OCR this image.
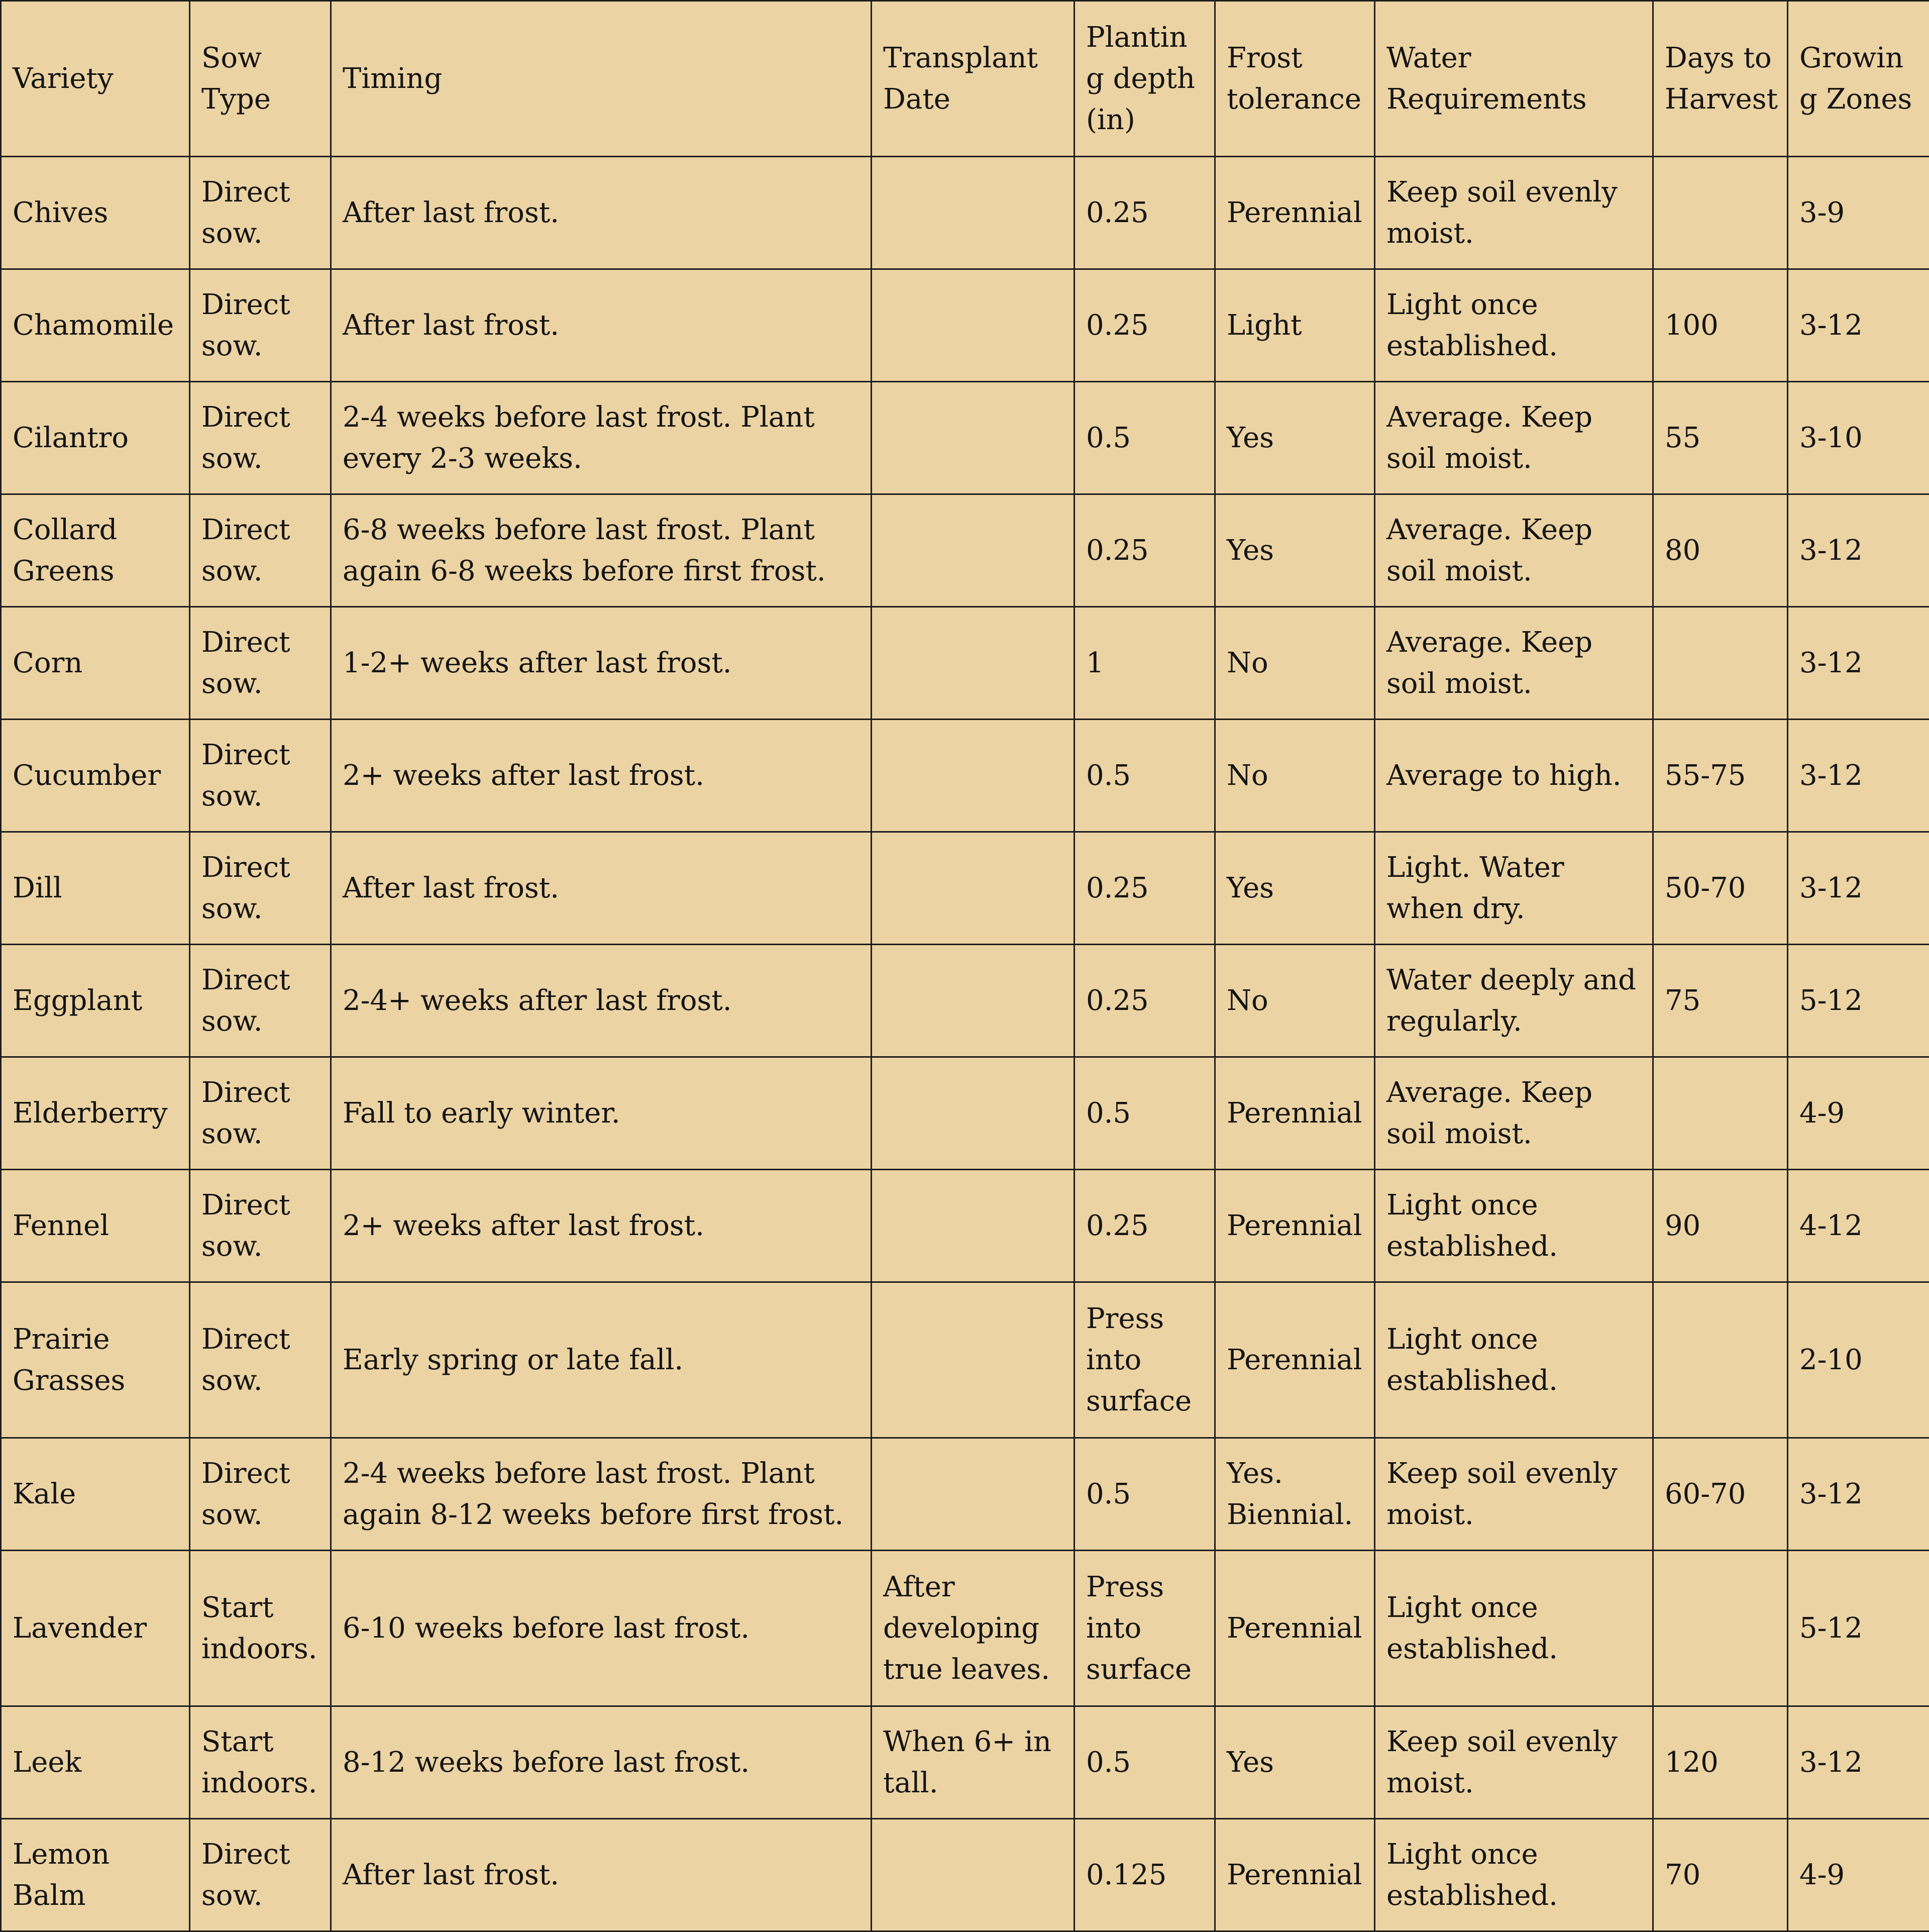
Variety	Sow Type	Timing	Transplant Date	Planting depth (in)	Frost tolerance	Water Requirements	Days to Harvest	Growing Zones
Chives	Direct sow.	After last frost.		0.25	Perennial	Keep soil evenly moist.		3-9
Chamomile	Direct sow.	After last frost.		0.25	Light	Light once established.	100	3-12
Cilantro	Direct sow.	2-4 weeks before last frost. Plant every 2-3 weeks.		0.5	Yes	Average. Keep soil moist.	55	3-10
Collard Greens	Direct sow.	6-8 weeks before last frost. Plant again 6-8 weeks before first frost.		0.25	Yes	Average. Keep soil moist.	80	3-12
Corn	Direct sow.	1-2+ weeks after last frost.		1	No	Average. Keep soil moist.		3-12
Cucumber	Direct sow.	2+ weeks after last frost.		0.5	No	Average to high.	55-75	3-12
Dill	Direct sow.	After last frost.		0.25	Yes	Light. Water when dry.	50-70	3-12
Eggplant	Direct sow.	2-4+ weeks after last frost.		0.25	No	Water deeply and regularly.	75	5-12
Elderberry	Direct sow.	Fall to early winter.		0.5	Perennial	Average. Keep soil moist.		4-9
Fennel	Direct sow.	2+ weeks after last frost.		0.25	Perennial	Light once established.	90	4-12
Prairie Grasses	Direct sow.	Early spring or late fall.		Press into surface	Perennial	Light once established.		2-10
Kale	Direct sow.	2-4 weeks before last frost. Plant again 8-12 weeks before first frost.		0.5	Yes. Biennial.	Keep soil evenly moist.	60-70	3-12
Lavender	Start indoors.	6-10 weeks before last frost.	After developing true leaves.	Press into surface	Perennial	Light once established.		5-12
Leek	Start indoors.	8-12 weeks before last frost.	When 6+ in tall.	0.5	Yes	Keep soil evenly moist.	120	3-12
Lemon Balm	Direct sow.	After last frost.		0.125	Perennial	Light once established.	70	4-9
